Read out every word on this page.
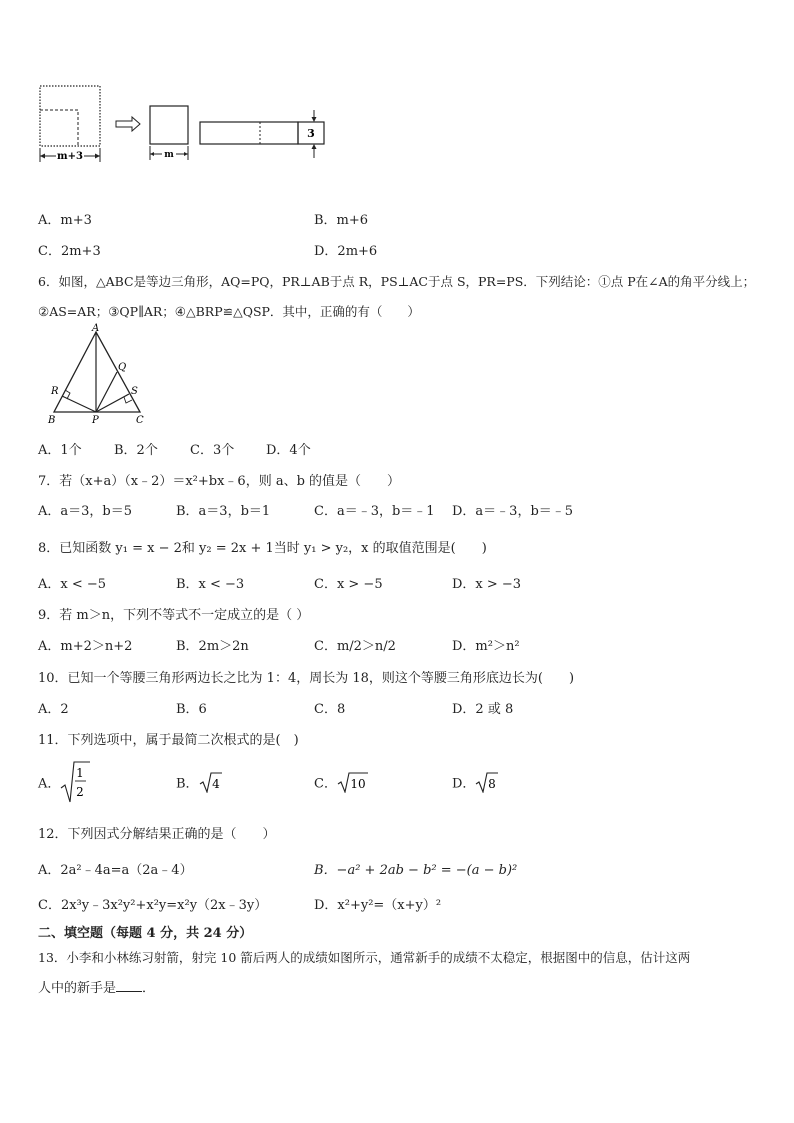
m+3	m
3
A．m+3	B．m+6
C．2m+3	D．2m+6
6．如图，△ABC是等边三角形，AQ=PQ，PR⊥AB于点 R，PS⊥AC于点 S，PR=PS．下列结论：①点 P在∠A的角平分线上；
②AS=AR；③QP∥AR；④△BRP≌△QSP．其中，正确的有（　　）
A
B	C
P
Q
R	S
A．1个 B．2个 C．3个 D．4个
7．若（x+a）（x﹣2）＝x²+bx﹣6，则 a、b 的值是（　　）
A．a＝3，b＝5	B．a＝3，b＝1	C．a＝﹣3，b＝﹣1 D．a＝﹣3，b＝﹣5
8．已知函数 y₁ = x − 2和 y₂ = 2x + 1当时 y₁ > y₂，x 的取值范围是(　　)
A．x < −5	B．x < −3	C．x > −5	D．x > −3
9．若 m＞n，下列不等式不一定成立的是（ ）
A．m+2＞n+2	B．2m＞2n	C．m/2＞n/2	D．m²＞n²
10．已知一个等腰三角形两边长之比为 1：4，周长为 18，则这个等腰三角形底边长为(　　)
A．2	B．6	C．8	D．2 或 8
11．下列选项中，属于最简二次根式的是(　)
A．
1
2
B． 4	C． 10	D． 8
12．下列因式分解结果正确的是（　　）
A．2a²﹣4a=a（2a﹣4）	B．−a² + 2ab − b² = −(a − b)²
C．2x³y﹣3x²y²+x²y=x²y（2x﹣3y）	D．x²+y²=（x+y）²
二、填空题（每题 4 分，共 24 分）
13．小李和小林练习射箭，射完 10 箭后两人的成绩如图所示，通常新手的成绩不太稳定，根据图中的信息，估计这两
人中的新手是 ．
